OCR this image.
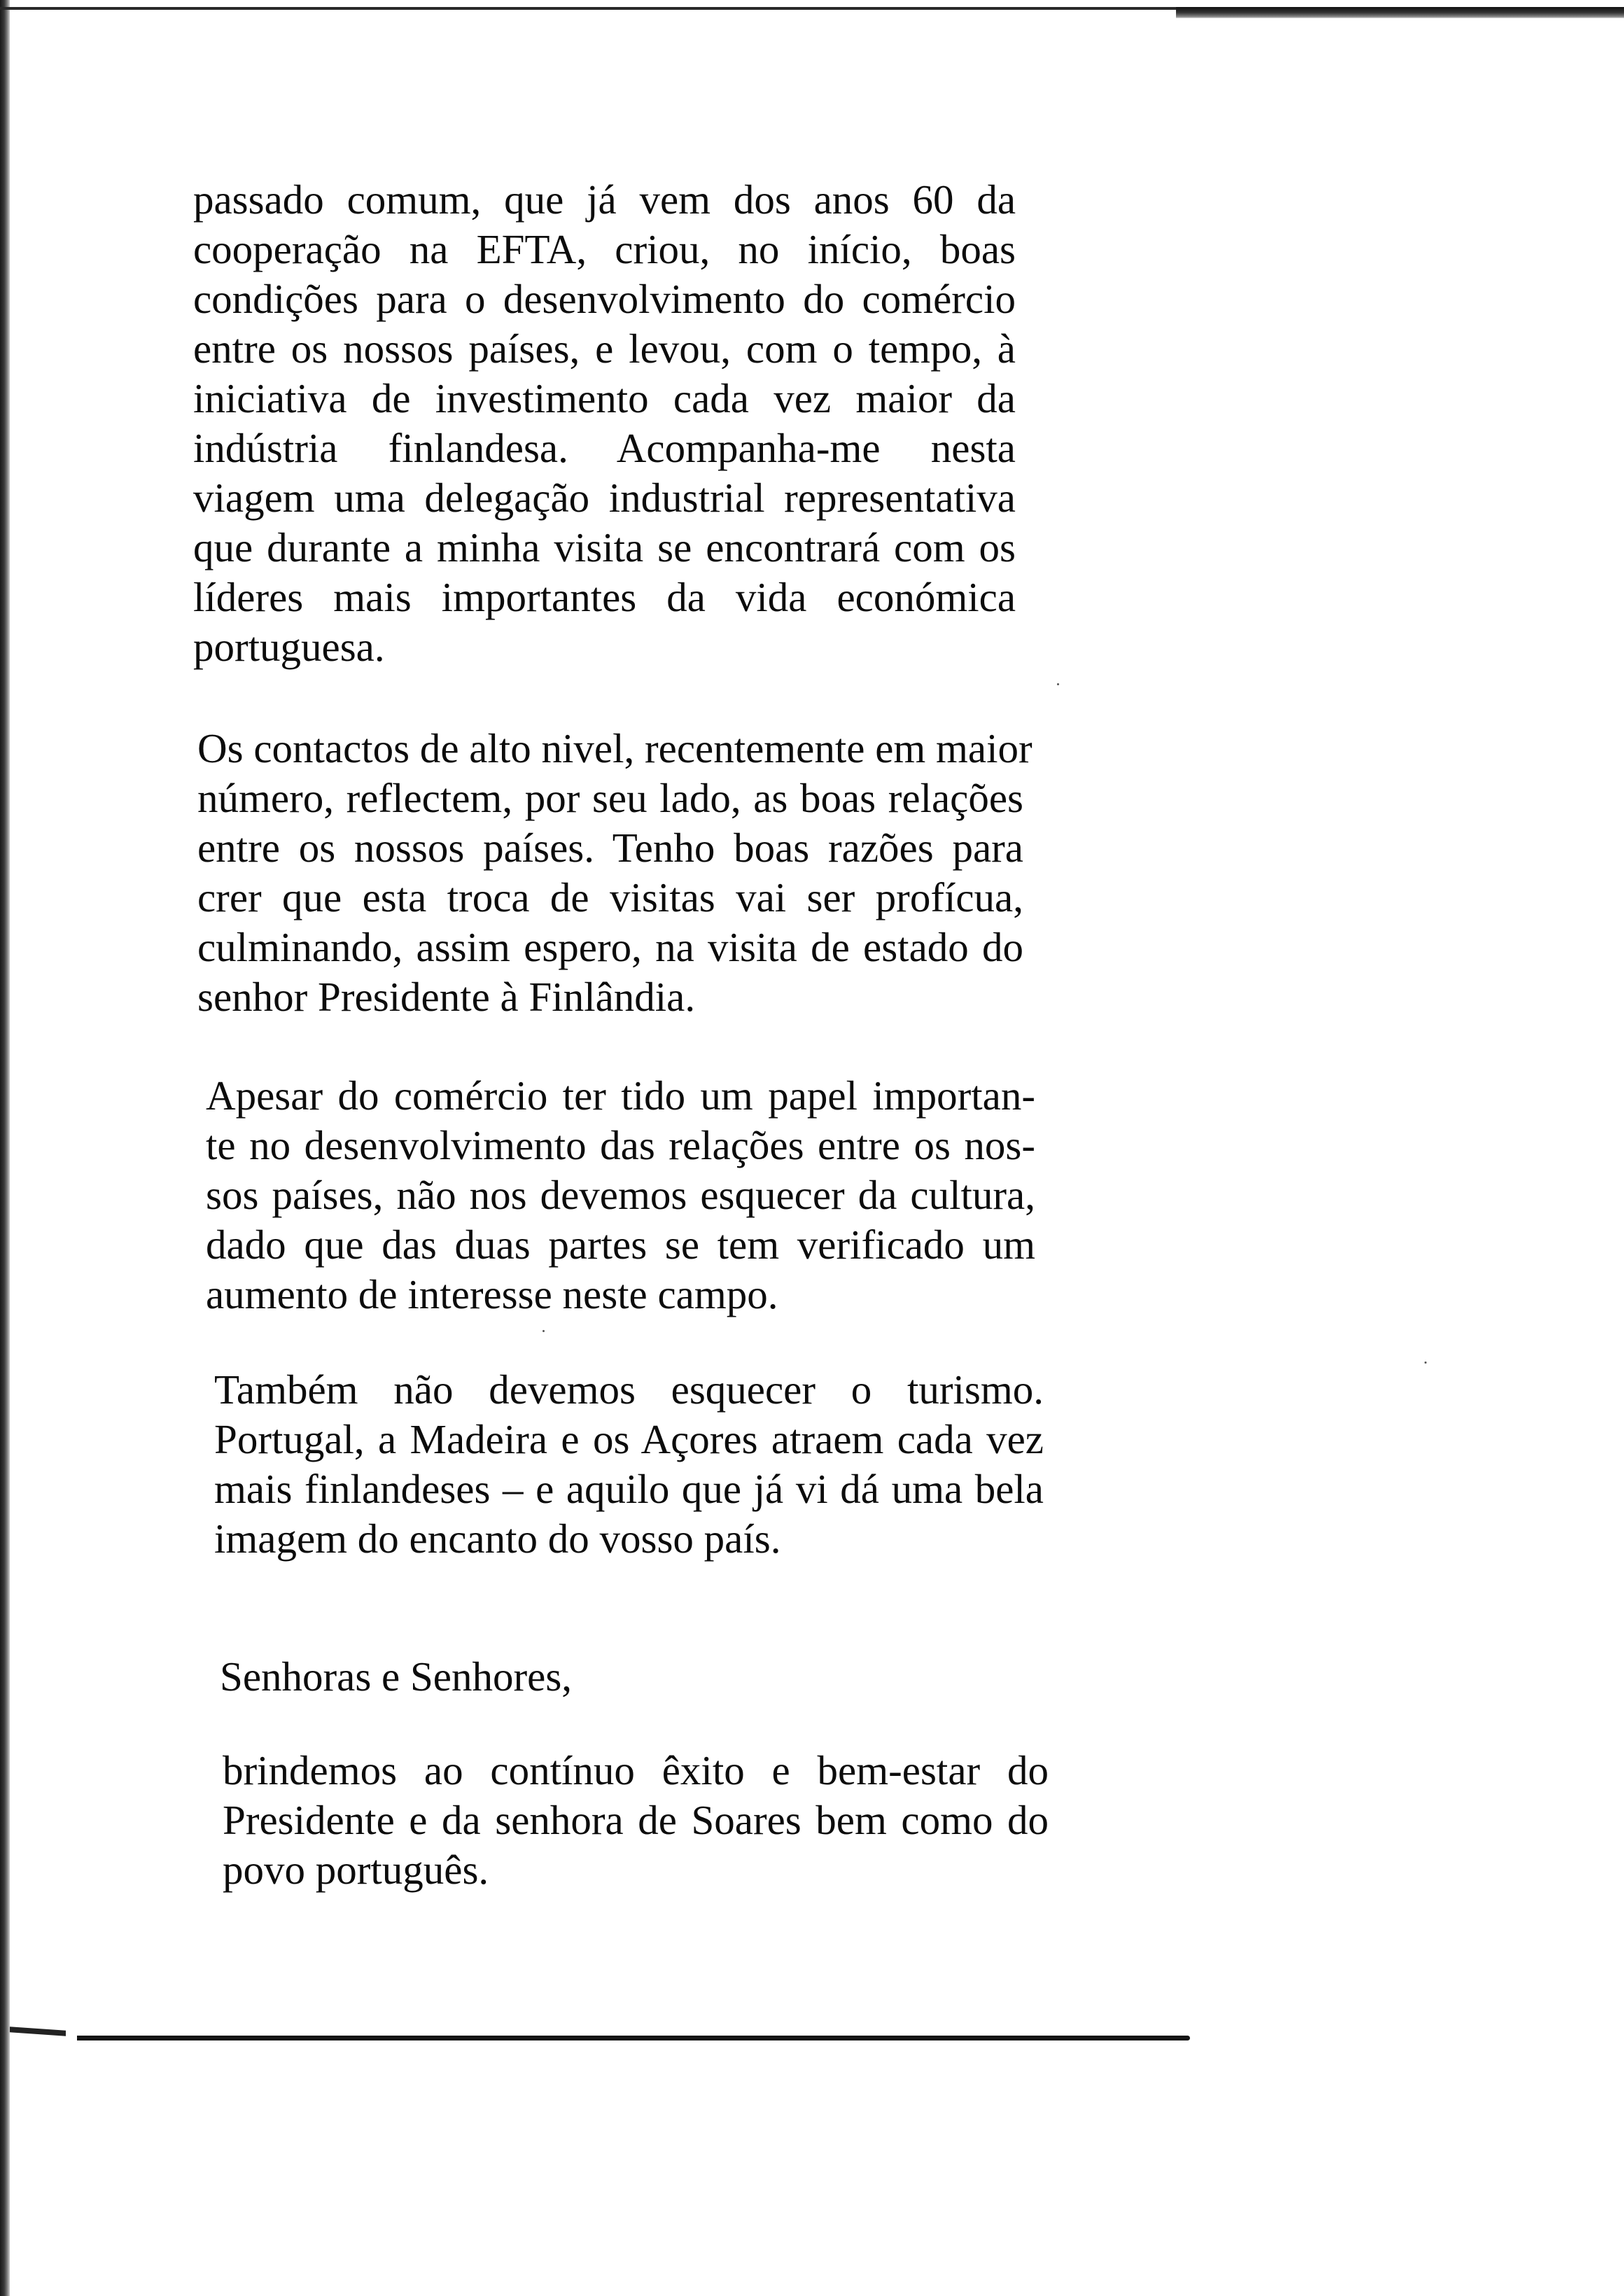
passado comum, que já vem dos anos 60 da
cooperação na EFTA, criou, no início, boas
condições para o desenvolvimento do comércio
entre os nossos países, e levou, com o tempo, à
iniciativa de investimento cada vez maior da
indústria finlandesa. Acompanha-me nesta
viagem uma delegação industrial representativa
que durante a minha visita se encontrará com os
líderes mais importantes da vida económica
portuguesa.
Os contactos de alto nivel, recentemente em maior
número, reflectem, por seu lado, as boas relações
entre os nossos países. Tenho boas razões para
crer que esta troca de visitas vai ser profícua,
culminando, assim espero, na visita de estado do
senhor Presidente à Finlândia.
Apesar do comércio ter tido um papel importan-
te no desenvolvimento das relações entre os nos-
sos países, não nos devemos esquecer da cultura,
dado que das duas partes se tem verificado um
aumento de interesse neste campo.
Também não devemos esquecer o turismo.
Portugal, a Madeira e os Açores atraem cada vez
mais finlandeses – e aquilo que já vi dá uma bela
imagem do encanto do vosso país.
Senhoras e Senhores,
brindemos ao contínuo êxito e bem-estar do
Presidente e da senhora de Soares bem como do
povo português.
